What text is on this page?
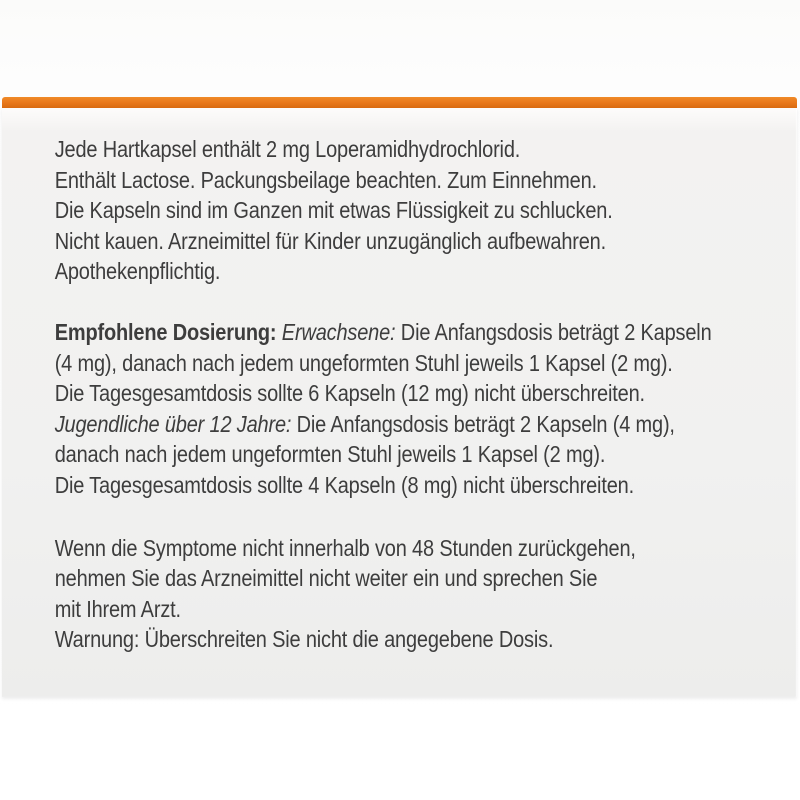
Jede Hartkapsel enthält 2 mg Loperamidhydrochlorid.
Enthält Lactose. Packungsbeilage beachten. Zum Einnehmen.
Die Kapseln sind im Ganzen mit etwas Flüssigkeit zu schlucken.
Nicht kauen. Arzneimittel für Kinder unzugänglich aufbewahren.
Apothekenpflichtig.
Empfohlene Dosierung: Erwachsene: Die Anfangsdosis beträgt 2 Kapseln
(4 mg), danach nach jedem ungeformten Stuhl jeweils 1 Kapsel (2 mg).
Die Tagesgesamtdosis sollte 6 Kapseln (12 mg) nicht überschreiten.
Jugendliche über 12 Jahre: Die Anfangsdosis beträgt 2 Kapseln (4 mg),
danach nach jedem ungeformten Stuhl jeweils 1 Kapsel (2 mg).
Die Tagesgesamtdosis sollte 4 Kapseln (8 mg) nicht überschreiten.
Wenn die Symptome nicht innerhalb von 48 Stunden zurückgehen,
nehmen Sie das Arzneimittel nicht weiter ein und sprechen Sie
mit Ihrem Arzt.
Warnung: Überschreiten Sie nicht die angegebene Dosis.
